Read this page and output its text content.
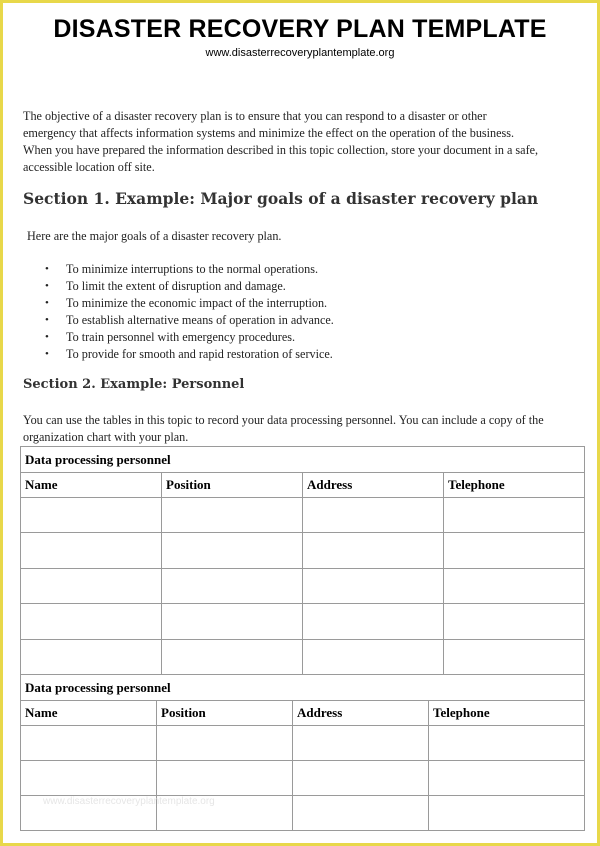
DISASTER RECOVERY PLAN TEMPLATE
www.disasterrecoveryplantemplate.org
The objective of a disaster recovery plan is to ensure that you can respond to a disaster or other
emergency that affects information systems and minimize the effect on the operation of the business.
When you have prepared the information described in this topic collection, store your document in a safe,
accessible location off site.
Section 1. Example: Major goals of a disaster recovery plan
Here are the major goals of a disaster recovery plan.
• To minimize interruptions to the normal operations.
• To limit the extent of disruption and damage.
• To minimize the economic impact of the interruption.
• To establish alternative means of operation in advance.
• To train personnel with emergency procedures.
• To provide for smooth and rapid restoration of service.
Section 2. Example: Personnel
You can use the tables in this topic to record your data processing personnel. You can include a copy of the
organization chart with your plan.
Data processing personnel			
Name	Position	Address	Telephone

Data processing personnel			
Name	Position	Address	Telephone

www.disasterrecoveryplantemplate.org
